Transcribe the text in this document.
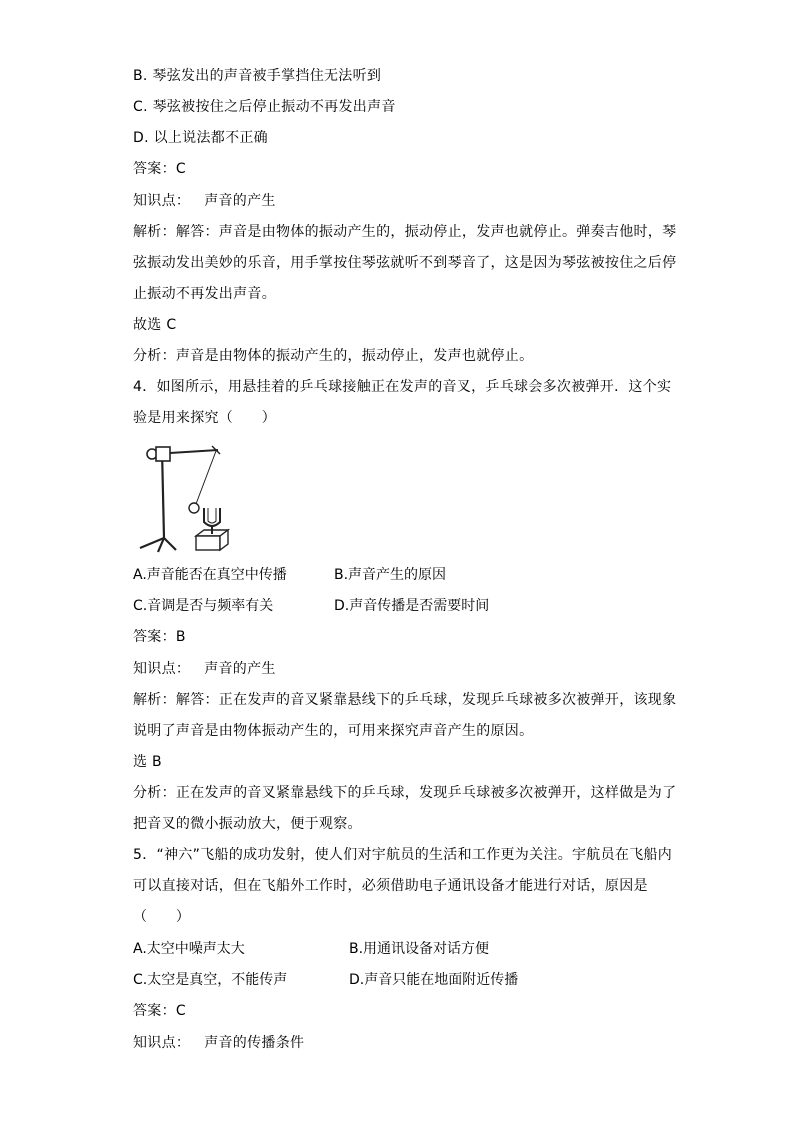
B. 琴弦发出的声音被手掌挡住无法听到
C. 琴弦被按住之后停止振动不再发出声音
D. 以上说法都不正确
答案：C
知识点： 声音的产生
解析：解答：声音是由物体的振动产生的，振动停止，发声也就停止。弹奏吉他时，琴
弦振动发出美妙的乐音，用手掌按住琴弦就听不到琴音了，这是因为琴弦被按住之后停
止振动不再发出声音。
故选 C
分析：声音是由物体的振动产生的，振动停止，发声也就停止。
4．如图所示，用悬挂着的乒乓球接触正在发声的音叉，乒乓球会多次被弹开．这个实
验是用来探究（　　）
A.声音能否在真空中传播	B.声音产生的原因
C.音调是否与频率有关	D.声音传播是否需要时间
答案：B
知识点： 声音的产生
解析：解答：正在发声的音叉紧靠悬线下的乒乓球，发现乒乓球被多次被弹开，该现象
说明了声音是由物体振动产生的，可用来探究声音产生的原因。
选 B
分析：正在发声的音叉紧靠悬线下的乒乓球，发现乒乓球被多次被弹开，这样做是为了
把音叉的微小振动放大，便于观察。
5．“神六”飞船的成功发射，使人们对宇航员的生活和工作更为关注。宇航员在飞船内
可以直接对话，但在飞船外工作时，必须借助电子通讯设备才能进行对话，原因是
（　　）
A.太空中噪声太大	B.用通讯设备对话方便
C.太空是真空，不能传声	D.声音只能在地面附近传播
答案：C
知识点： 声音的传播条件
